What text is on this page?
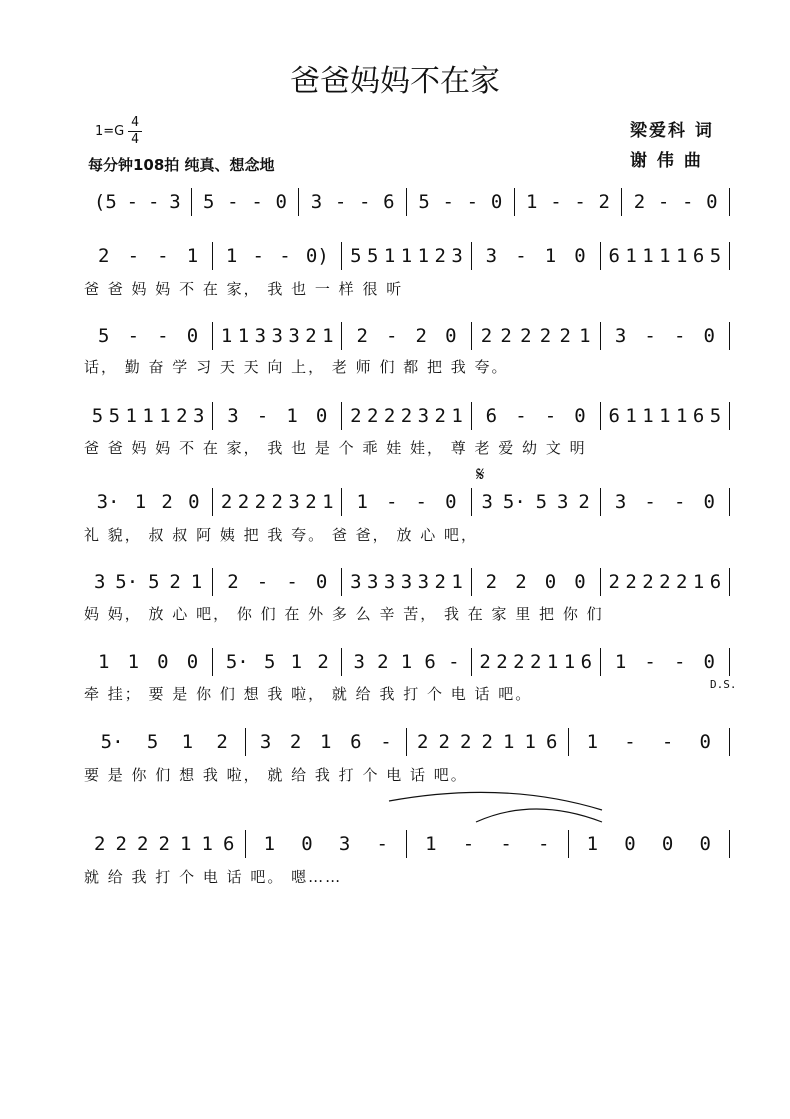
爸爸妈妈不在家
1=G
4
4
每分钟108拍 纯真、想念地
梁爱科 词
谢 伟 曲
(5 - - 3 5 - - 0 3 - - 6 5 - - 0 1 - - 2 2 - - 0
2 - - 1 1 - - 0) 5 5 1 1 1 2 3 3 - 1 0 6 1 1 1 1 6 5
爸 爸 妈 妈 不 在 家， 我 也 一 样 很 听
5 - - 0 1 1 3 3 3 2 1 2 - 2 0 2 2 2 2 2 1 3 - - 0
话， 勤 奋 学 习 天 天 向 上， 老 师 们 都 把 我 夸。
5 5 1 1 1 2 3 3 - 1 0 2 2 2 2 3 2 1 6 - - 0 6 1 1 1 1 6 5
爸 爸 妈 妈 不 在 家， 我 也 是 个 乖 娃 娃， 尊 老 爱 幼 文 明
3· 1 2 0 2 2 2 2 3 2 1 1 - - 0 3 5· 5 3 2 3 - - 0
礼 貌， 叔 叔 阿 姨 把 我 夸。 爸 爸， 放 心 吧，
3 5· 5 2 1 2 - - 0 3 3 3 3 3 2 1 2 2 0 0 2 2 2 2 2 1 6
妈 妈， 放 心 吧， 你 们 在 外 多 么 辛 苦， 我 在 家 里 把 你 们
1 1 0 0 5· 5 1 2 3 2 1 6 - 2 2 2 2 1 1 6 1 - - 0
牵 挂； 要 是 你 们 想 我 啦， 就 给 我 打 个 电 话 吧。
5· 5 1 2 3 2 1 6 - 2 2 2 2 1 1 6 1 - - 0
要 是 你 们 想 我 啦， 就 给 我 打 个 电 话 吧。
2 2 2 2 1 1 6 1 0 3 - 1 - - - 1 0 0 0
就 给 我 打 个 电 话 吧。 嗯……
D.S.
𝄋
